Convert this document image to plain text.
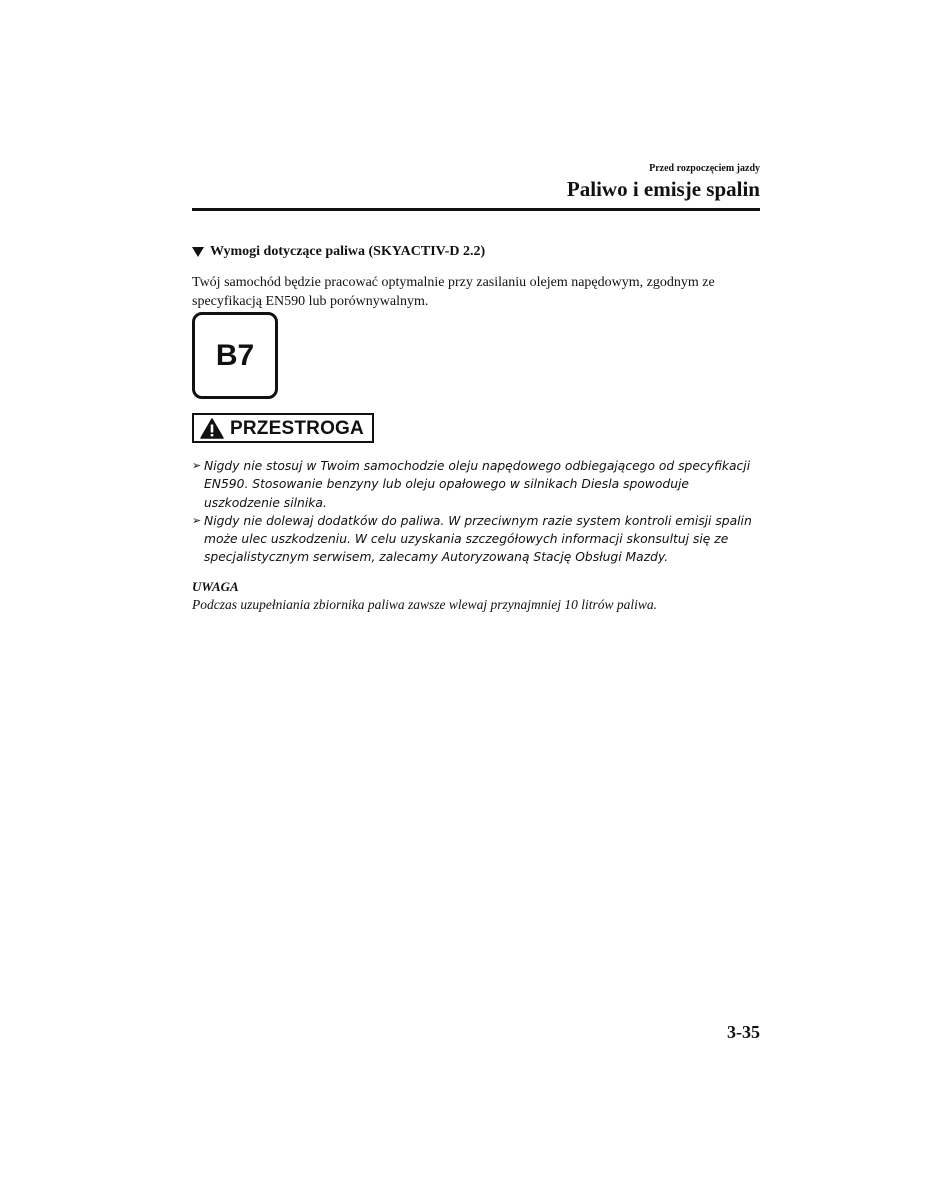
Przed rozpoczęciem jazdy
Paliwo i emisje spalin
Wymogi dotyczące paliwa (SKYACTIV-D 2.2)
Twój samochód będzie pracować optymalnie przy zasilaniu olejem napędowym, zgodnym ze specyfikacją EN590 lub porównywalnym.
B7
PRZESTROGA
➢ Nigdy nie stosuj w Twoim samochodzie oleju napędowego odbiegającego od specyfikacji EN590. Stosowanie benzyny lub oleju opałowego w silnikach Diesla spowoduje uszkodzenie silnika.
➢ Nigdy nie dolewaj dodatków do paliwa. W przeciwnym razie system kontroli emisji spalin może ulec uszkodzeniu. W celu uzyskania szczegółowych informacji skonsultuj się ze specjalistycznym serwisem, zalecamy Autoryzowaną Stację Obsługi Mazdy.
UWAGA
Podczas uzupełniania zbiornika paliwa zawsze wlewaj przynajmniej 10 litrów paliwa.
3-35
